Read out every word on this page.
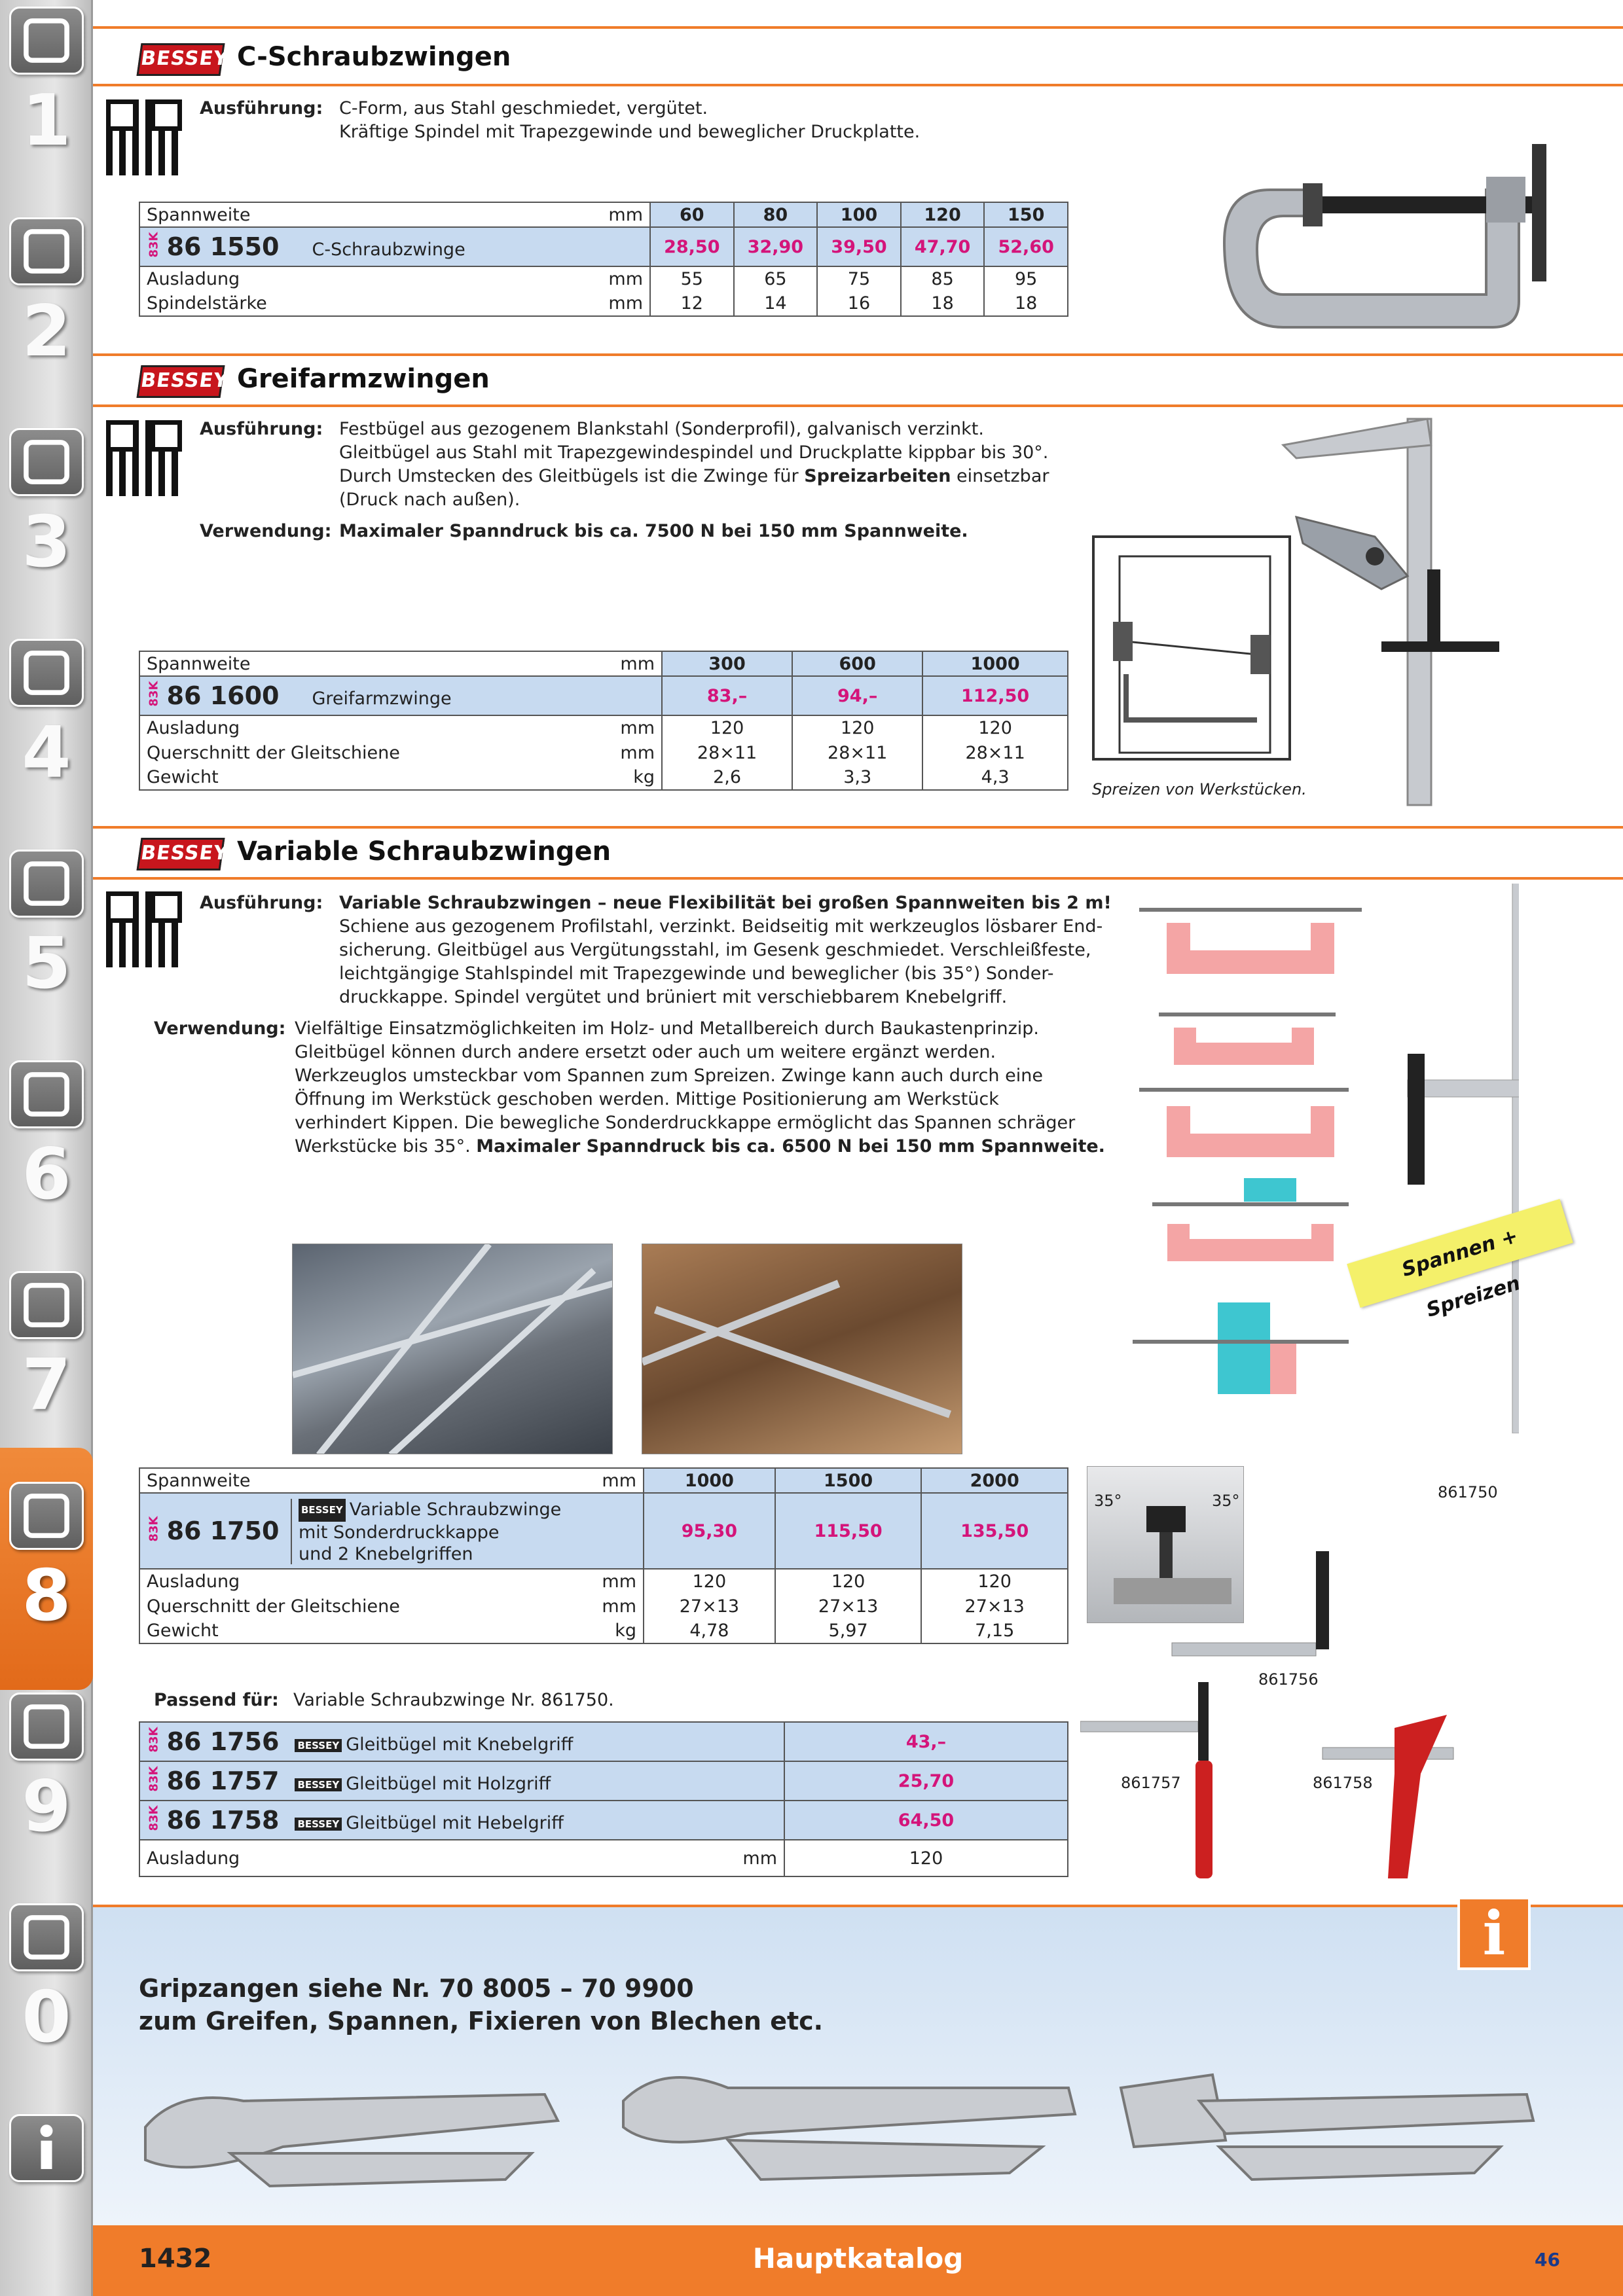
1
2
3
4
5
6
7
8
9
0
BESSEY C-Schraubzwingen
Ausführung: C-Form, aus Stahl geschmiedet, vergütet.
Kräftige Spindel mit Trapezgewinde und beweglicher Druckplatte.
Spannweite mm	60	80	100	120	150
83K 86 1550 C-Schraubzwinge	28,50	32,90	39,50	47,70	52,60
Ausladung mm	55	65	75	85	95
Spindelstärke mm	12	14	16	18	18
BESSEY Greifarmzwingen
Ausführung: Festbügel aus gezogenem Blankstahl (Sonderprofil), galvanisch verzinkt.
Gleitbügel aus Stahl mit Trapezgewindespindel und Druckplatte kippbar bis 30°.
Durch Umstecken des Gleitbügels ist die Zwinge für Spreizarbeiten einsetzbar
(Druck nach außen).
Verwendung: Maximaler Spanndruck bis ca. 7500 N bei 150 mm Spannweite.
Spannweite mm	300	600	1000
83K 86 1600 Greifarmzwinge	83,–	94,–	112,50
Ausladung mm	120	120	120
Querschnitt der Gleitschiene mm	28×11	28×11	28×11
Gewicht kg	2,6	3,3	4,3
Spreizen von Werkstücken.
BESSEY Variable Schraubzwingen
Ausführung: Variable Schraubzwingen – neue Flexibilität bei großen Spannweiten bis 2 m!
Schiene aus gezogenem Profilstahl, verzinkt. Beidseitig mit werkzeuglos lösbarer End-
sicherung. Gleitbügel aus Vergütungsstahl, im Gesenk geschmiedet. Verschleißfeste,
leichtgängige Stahlspindel mit Trapezgewinde und beweglicher (bis 35°) Sonder-
druckkappe. Spindel vergütet und brüniert mit verschiebbarem Knebelgriff.
Verwendung: Vielfältige Einsatzmöglichkeiten im Holz- und Metallbereich durch Baukastenprinzip.
Gleitbügel können durch andere ersetzt oder auch um weitere ergänzt werden.
Werkzeuglos umsteckbar vom Spannen zum Spreizen. Zwinge kann auch durch eine
Öffnung im Werkstück geschoben werden. Mittige Positionierung am Werkstück
verhindert Kippen. Die bewegliche Sonderdruckkappe ermöglicht das Spannen schräger
Werkstücke bis 35°. Maximaler Spanndruck bis ca. 6500 N bei 150 mm Spannweite.
Spannen + Spreizen
Spannweite mm	1000	1500	2000
83K 86 1750
BESSEY Variable Schraubzwinge
mit Sonderdruckkappe
und 2 Knebelgriffen	95,30	115,50	135,50
Ausladung mm	120	120	120
Querschnitt der Gleitschiene mm	27×13	27×13	27×13
Gewicht kg	4,78	5,97	7,15
Passend für: Variable Schraubzwinge Nr. 861750.
83K 86 1756 BESSEY Gleitbügel mit Knebelgriff	43,–
83K 86 1757 BESSEY Gleitbügel mit Holzgriff	25,70
83K 86 1758 BESSEY Gleitbügel mit Hebelgriff	64,50
Ausladung mm	120
35°	35°	861750
861756
861757	861758
i
Gripzangen siehe Nr. 70 8005 – 70 9900
zum Greifen, Spannen, Fixieren von Blechen etc.
1432	Hauptkatalog	46
